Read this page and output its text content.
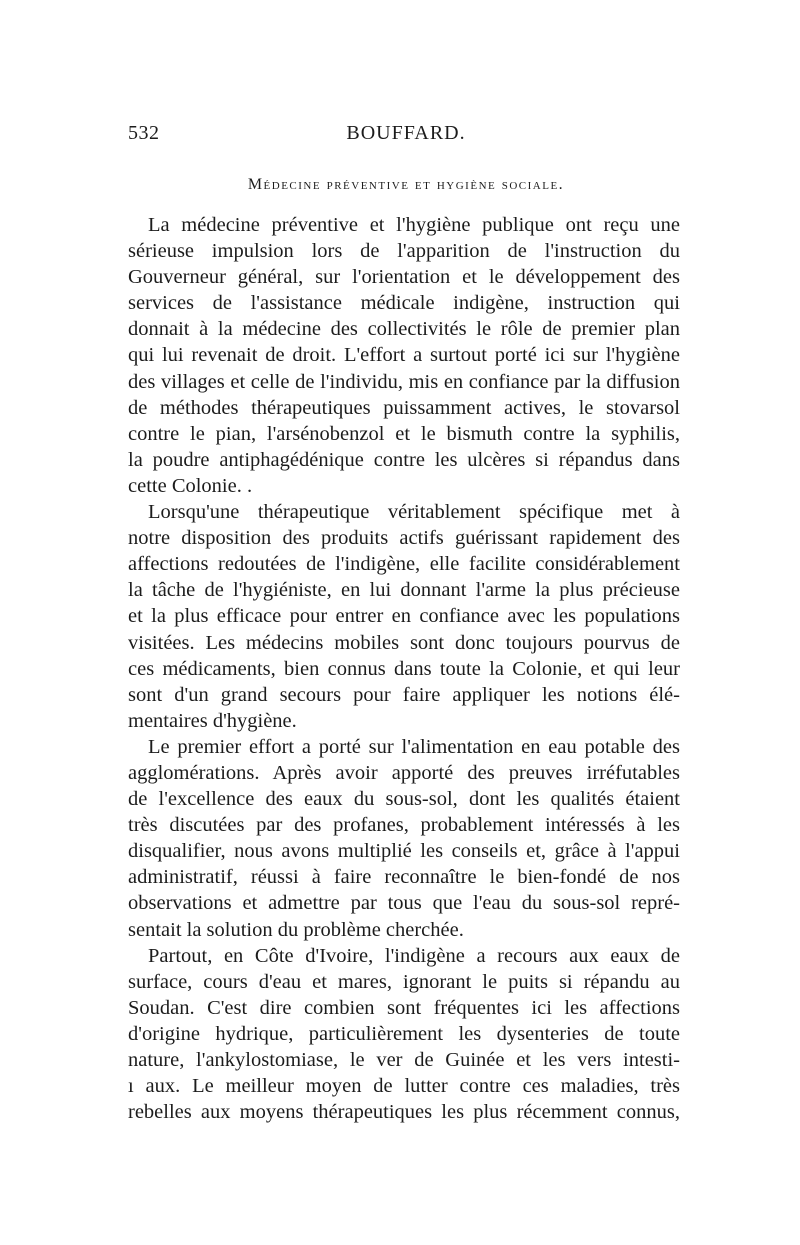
532	BOUFFARD.
Médecine préventive et hygiène sociale.
La médecine préventive et l'hygiène publique ont reçu une
sérieuse impulsion lors de l'apparition de l'instruction du
Gouverneur général, sur l'orientation et le développement des
services de l'assistance médicale indigène, instruction qui
donnait à la médecine des collectivités le rôle de premier plan
qui lui revenait de droit. L'effort a surtout porté ici sur l'hygiène
des villages et celle de l'individu, mis en confiance par la diffusion
de méthodes thérapeutiques puissamment actives, le stovarsol
contre le pian, l'arsénobenzol et le bismuth contre la syphilis,
la poudre antiphagédénique contre les ulcères si répandus dans
cette Colonie. .
Lorsqu'une thérapeutique véritablement spécifique met à
notre disposition des produits actifs guérissant rapidement des
affections redoutées de l'indigène, elle facilite considérablement
la tâche de l'hygiéniste, en lui donnant l'arme la plus précieuse
et la plus efficace pour entrer en confiance avec les populations
visitées. Les médecins mobiles sont donc toujours pourvus de
ces médicaments, bien connus dans toute la Colonie, et qui leur
sont d'un grand secours pour faire appliquer les notions élé-
mentaires d'hygiène.
Le premier effort a porté sur l'alimentation en eau potable des
agglomérations. Après avoir apporté des preuves irréfutables
de l'excellence des eaux du sous-sol, dont les qualités étaient
très discutées par des profanes, probablement intéressés à les
disqualifier, nous avons multiplié les conseils et, grâce à l'appui
administratif, réussi à faire reconnaître le bien-fondé de nos
observations et admettre par tous que l'eau du sous-sol repré-
sentait la solution du problème cherchée.
Partout, en Côte d'Ivoire, l'indigène a recours aux eaux de
surface, cours d'eau et mares, ignorant le puits si répandu au
Soudan. C'est dire combien sont fréquentes ici les affections
d'origine hydrique, particulièrement les dysenteries de toute
nature, l'ankylostomiase, le ver de Guinée et les vers intesti-
ı aux. Le meilleur moyen de lutter contre ces maladies, très
rebelles aux moyens thérapeutiques les plus récemment connus,
